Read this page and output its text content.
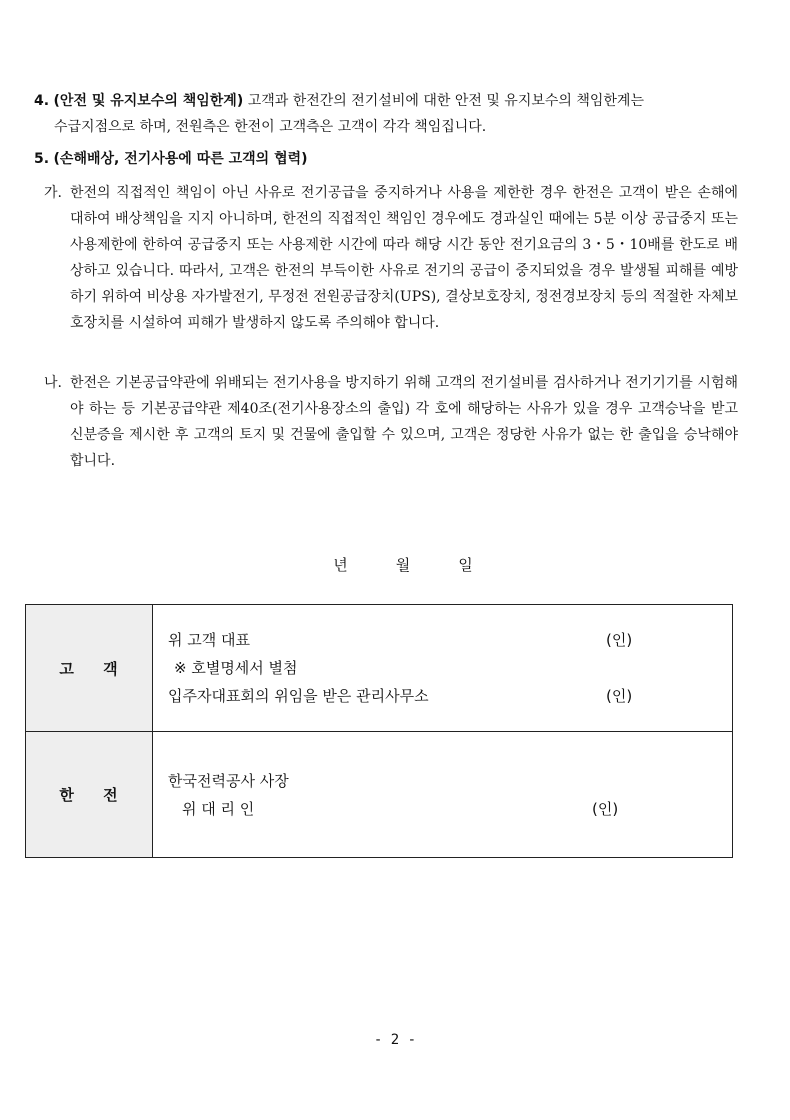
4. (안전 및 유지보수의 책임한계) 고객과 한전간의 전기설비에 대한 안전 및 유지보수의 책임한계는
수급지점으로 하며, 전원측은 한전이 고객측은 고객이 각각 책임집니다.
5. (손해배상, 전기사용에 따른 고객의 협력)
가. 한전의 직접적인 책임이 아닌 사유로 전기공급을 중지하거나 사용을 제한한 경우 한전은 고객이 받은 손해에 대하여 배상책임을 지지 아니하며, 한전의 직접적인 책임인 경우에도 경과실인 때에는 5분 이상 공급중지 또는 사용제한에 한하여 공급중지 또는 사용제한 시간에 따라 해당 시간 동안 전기요금의 3・5・10배를 한도로 배상하고 있습니다. 따라서, 고객은 한전의 부득이한 사유로 전기의 공급이 중지되었을 경우 발생될 피해를 예방하기 위하여 비상용 자가발전기, 무정전 전원공급장치(UPS), 결상보호장치, 정전경보장치 등의 적절한 자체보호장치를 시설하여 피해가 발생하지 않도록 주의해야 합니다.
나. 한전은 기본공급약관에 위배되는 전기사용을 방지하기 위해 고객의 전기설비를 검사하거나 전기기기를 시험해야 하는 등 기본공급약관 제40조(전기사용장소의 출입) 각 호에 해당하는 사유가 있을 경우 고객승낙을 받고 신분증을 제시한 후 고객의 토지 및 건물에 출입할 수 있으며, 고객은 정당한 사유가 없는 한 출입을 승낙해야 합니다.
년	월	일
고 객	위 고객 대표 (인)
※ 호별명세서 별첨
입주자대표회의 위임을 받은 관리사무소 (인)

한 전	한국전력공사 사장
위 대 리 인 (인)
- 2 -
